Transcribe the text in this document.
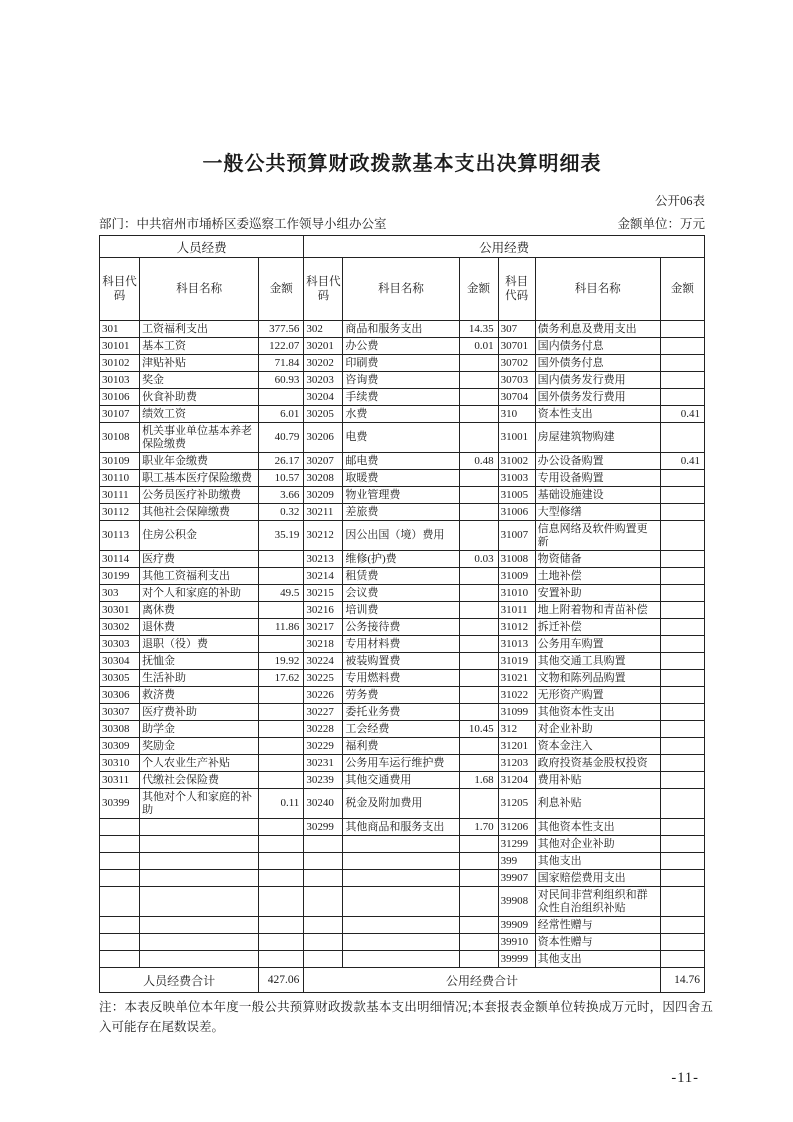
一般公共预算财政拨款基本支出决算明细表
公开06表
部门：中共宿州市埇桥区委巡察工作领导小组办公室	金额单位：万元
人员经费			公用经费					
科目代码	科目名称	金额	科目代码	科目名称	金额	科目代码	科目名称	金额
301	工资福利支出	377.56	302	商品和服务支出	14.35	307	债务利息及费用支出	
30101	基本工资	122.07	30201	办公费	0.01	30701	国内债务付息	
30102	津贴补贴	71.84	30202	印刷费		30702	国外债务付息	
30103	奖金	60.93	30203	咨询费		30703	国内债务发行费用	
30106	伙食补助费		30204	手续费		30704	国外债务发行费用	
30107	绩效工资	6.01	30205	水费		310	资本性支出	0.41
30108	机关事业单位基本养老保险缴费	40.79	30206	电费		31001	房屋建筑物购建	
30109	职业年金缴费	26.17	30207	邮电费	0.48	31002	办公设备购置	0.41
30110	职工基本医疗保险缴费	10.57	30208	取暖费		31003	专用设备购置	
30111	公务员医疗补助缴费	3.66	30209	物业管理费		31005	基础设施建设	
30112	其他社会保障缴费	0.32	30211	差旅费		31006	大型修缮	
30113	住房公积金	35.19	30212	因公出国（境）费用		31007	信息网络及软件购置更新	
30114	医疗费		30213	维修(护)费	0.03	31008	物资储备	
30199	其他工资福利支出		30214	租赁费		31009	土地补偿	
303	对个人和家庭的补助	49.5	30215	会议费		31010	安置补助	
30301	离休费		30216	培训费		31011	地上附着物和青苗补偿	
30302	退休费	11.86	30217	公务接待费		31012	拆迁补偿	
30303	退职（役）费		30218	专用材料费		31013	公务用车购置	
30304	抚恤金	19.92	30224	被装购置费		31019	其他交通工具购置	
30305	生活补助	17.62	30225	专用燃料费		31021	文物和陈列品购置	
30306	救济费		30226	劳务费		31022	无形资产购置	
30307	医疗费补助		30227	委托业务费		31099	其他资本性支出	
30308	助学金		30228	工会经费	10.45	312	对企业补助	
30309	奖励金		30229	福利费		31201	资本金注入	
30310	个人农业生产补贴		30231	公务用车运行维护费		31203	政府投资基金股权投资	
30311	代缴社会保险费		30239	其他交通费用	1.68	31204	费用补贴	
30399	其他对个人和家庭的补助	0.11	30240	税金及附加费用		31205	利息补贴	
			30299	其他商品和服务支出	1.70	31206	其他资本性支出	
						31299	其他对企业补助	
						399	其他支出	
						39907	国家赔偿费用支出	
						39908	对民间非营利组织和群众性自治组织补贴	
						39909	经常性赠与	
						39910	资本性赠与	
						39999	其他支出	
人员经费合计		427.06	公用经费合计					14.76
注：本表反映单位本年度一般公共预算财政拨款基本支出明细情况;本套报表金额单位转换成万元时，因四舍五入可能存在尾数误差。
-11-
